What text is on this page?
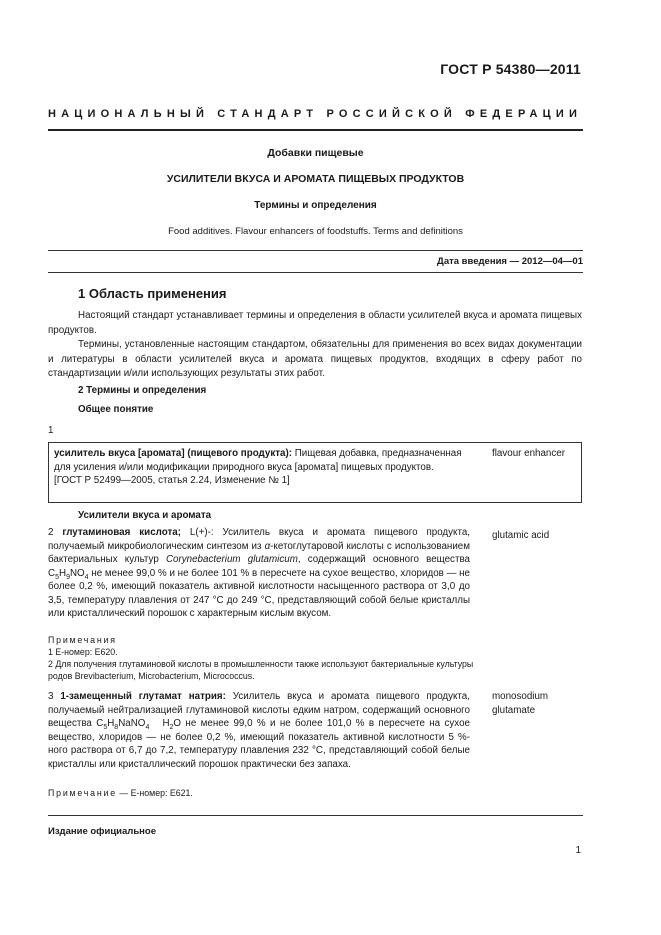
ГОСТ Р 54380—2011
НАЦИОНАЛЬНЫЙ СТАНДАРТ РОССИЙСКОЙ ФЕДЕРАЦИИ
Добавки пищевые
УСИЛИТЕЛИ ВКУСА И АРОМАТА ПИЩЕВЫХ ПРОДУКТОВ
Термины и определения
Food additives. Flavour enhancers of foodstuffs. Terms and definitions
Дата введения — 2012—04—01
1 Область применения

Настоящий стандарт устанавливает термины и определения в области усилителей вкуса и аромата пищевых продуктов.

Термины, установленные настоящим стандартом, обязательны для применения во всех видах документации и литературы в области усилителей вкуса и аромата пищевых продуктов, входящих в сферу работ по стандартизации и/или использующих результаты этих работ.

2 Термины и определения
Общее понятие
1
усилитель вкуса [аромата] (пищевого продукта): Пищевая добавка, предназначенная для усиления и/или модификации природного вкуса [аромата] пищевых продуктов.
[ГОСТ Р 52499—2005, статья 2.24, Изменение № 1]
flavour enhancer
Усилители вкуса и аромата
2 глутаминовая кислота; L(+)-: Усилитель вкуса и аромата пищевого продукта, получаемый микробиологическим синтезом из α-кетоглутаровой кислоты с использованием бактериальных культур Corynebacterium glutamicum, содержащий основного вещества $C_5H_9NO_4$ не менее 99,0 % и не более 101 % в пересчете на сухое вещество, хлоридов — не более 0,2 %, имеющий показатель активной кислотности насыщенного раствора от 3,0 до 3,5, температуру плавления от 247 °С до 249 °С, представляющий собой белые кристаллы или кристаллический порошок с характерным кислым вкусом.
glutamic acid
Примечания
1 Е-номер: Е620.
2 Для получения глутаминовой кислоты в промышленности также используют бактериальные культуры родов Brevibacterium, Microbacterium, Micrococcus.
3 1-замещенный глутамат натрия: Усилитель вкуса и аромата пищевого продукта, получаемый нейтрализацией глутаминовой кислоты едким натром, содержащий основного вещества $C_5H_8NaNO_4$   $H_2O$ не менее 99,0 % и не более 101,0 % в пересчете на сухое вещество, хлоридов — не более 0,2 %, имеющий показатель активной кислотности 5 %-ного раствора от 6,7 до 7,2, температуру плавления 232 °С, представляющий собой белые кристаллы или кристаллический порошок практически без запаха.
monosodium
glutamate
Примечание — Е-номер: Е621.
Издание официальное
1
